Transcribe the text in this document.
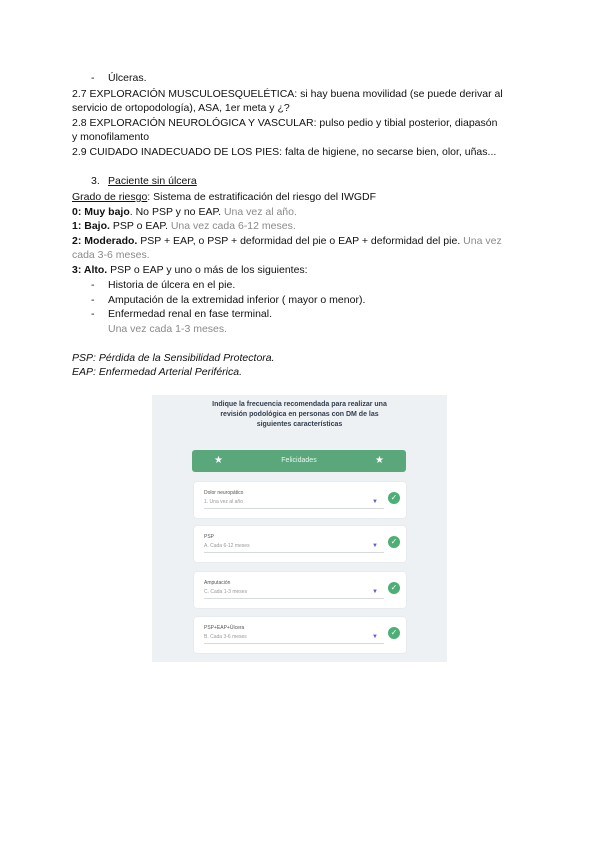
- Úlceras.
2.7 EXPLORACIÓN MUSCULOESQUELÉTICA: si hay buena movilidad (se puede derivar al
servicio de ortopodología), ASA, 1er meta y ¿?
2.8 EXPLORACIÓN NEUROLÓGICA Y VASCULAR: pulso pedio y tibial posterior, diapasón
y monofilamento
2.9 CUIDADO INADECUADO DE LOS PIES: falta de higiene, no secarse bien, olor, uñas...
3. Paciente sin úlcera
Grado de riesgo: Sistema de estratificación del riesgo del IWGDF
0: Muy bajo. No PSP y no EAP. Una vez al año.
1: Bajo. PSP o EAP. Una vez cada 6-12 meses.
2: Moderado. PSP + EAP, o PSP + deformidad del pie o EAP + deformidad del pie. Una vez
cada 3-6 meses.
3: Alto. PSP o EAP y uno o más de los siguientes:
- Historia de úlcera en el pie.
- Amputación de la extremidad inferior ( mayor o menor).
- Enfermedad renal en fase terminal.
Una vez cada 1-3 meses.
PSP: Pérdida de la Sensibilidad Protectora.
EAP: Enfermedad Arterial Periférica.
Indique la frecuencia recomendada para realizar una
revisión podológica en personas con DM de las
siguientes características
★	Felicidades	★
Dolor neuropático
1. Una vez al año	▼	✓
PSP
A. Cada 6-12 meses	▼	✓
Amputación
C. Cada 1-3 meses	▼	✓
PSP+EAP+Úlcera
B. Cada 3-6 meses	▼	✓
